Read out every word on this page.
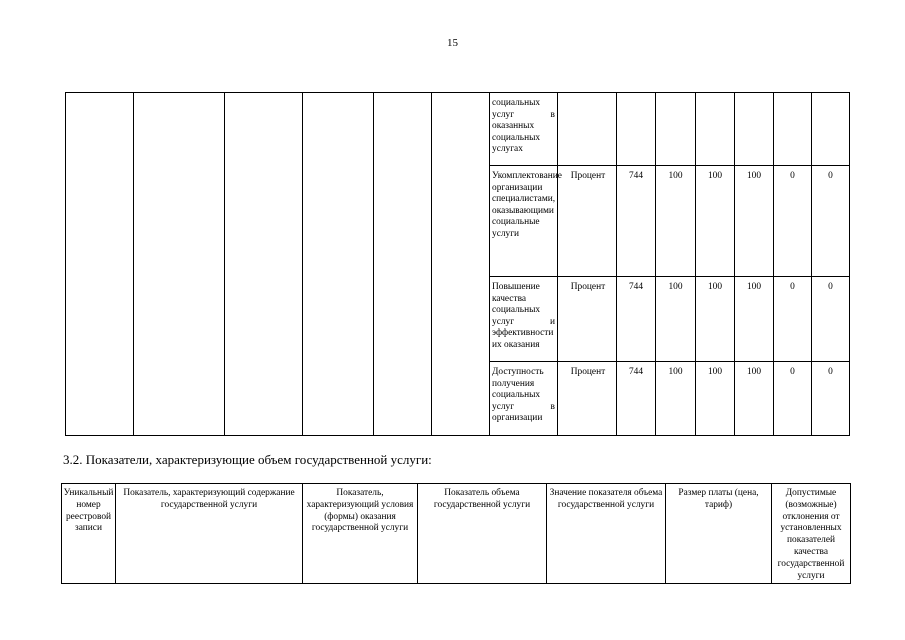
15
						социальных услуг в оказанных социальных услугах							
						Укомплектование организации специалистами, оказывающими социальные услуги	Процент	744	100	100	100	0	0
						Повышение качества социальных услуг и эффективности их оказания	Процент	744	100	100	100	0	0
						Доступность получения социальных услуг в организации	Процент	744	100	100	100	0	0
3.2. Показатели, характеризующие объем государственной услуги:
Уникальный номер реестровой записи	Показатель, характеризующий содержание государственной услуги	Показатель, характеризующий условия (формы) оказания государственной услуги	Показатель объема государственной услуги	Значение показателя объема государственной услуги	Размер платы (цена, тариф)	Допустимые (возможные) отклонения от установленных показателей качества государственной услуги
